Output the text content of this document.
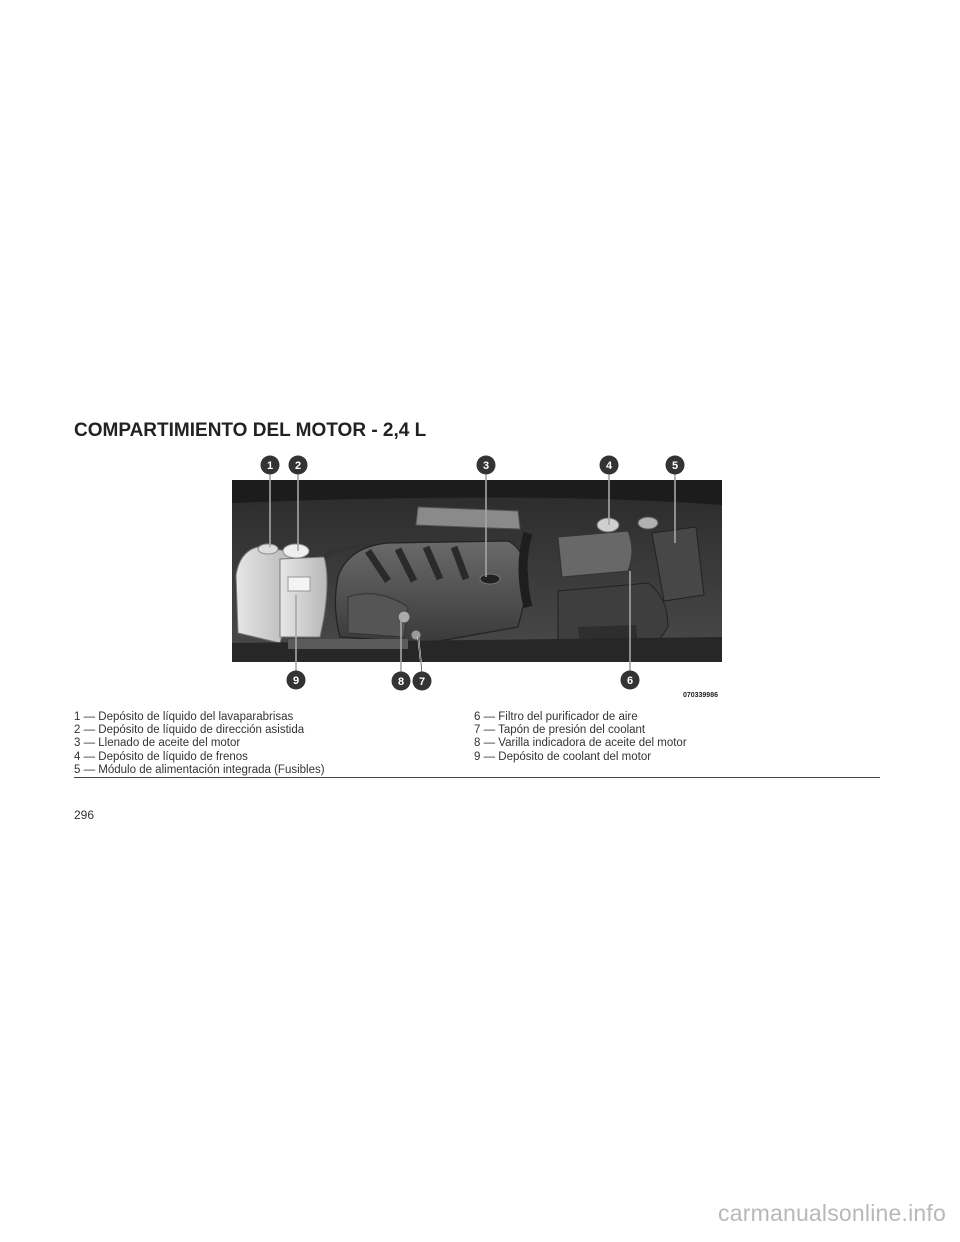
COMPARTIMIENTO DEL MOTOR - 2,4 L
1 2	3	4	5
9	8 7	6
070339986
1 — Depósito de líquido del lavaparabrisas
2 — Depósito de líquido de dirección asistida
3 — Llenado de aceite del motor
4 — Depósito de líquido de frenos
5 — Módulo de alimentación integrada (Fusibles)
6 — Filtro del purificador de aire
7 — Tapón de presión del coolant
8 — Varilla indicadora de aceite del motor
9 — Depósito de coolant del motor
296
carmanualsonline.info
